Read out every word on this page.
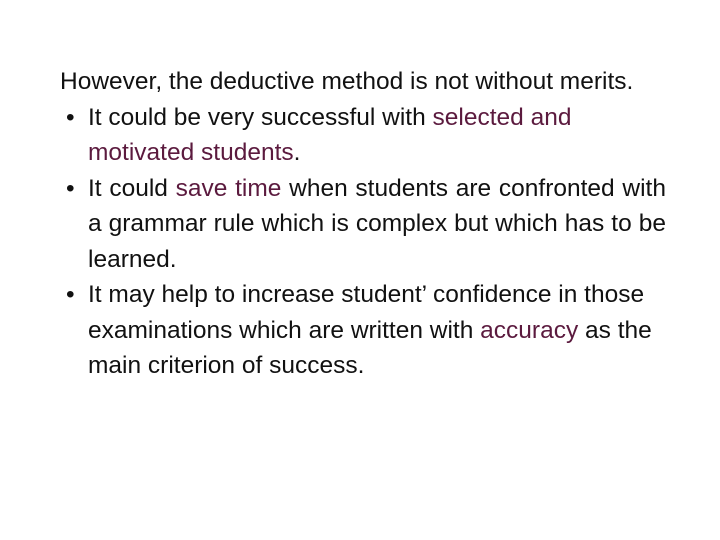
However, the deductive method is not without merits.

• It could be very successful with selected and motivated students.

• It could save time when students are confronted with a grammar rule which is complex but which has to be learned.

• It may help to increase student’ confidence in those examinations which are written with accuracy as the main criterion of success.
